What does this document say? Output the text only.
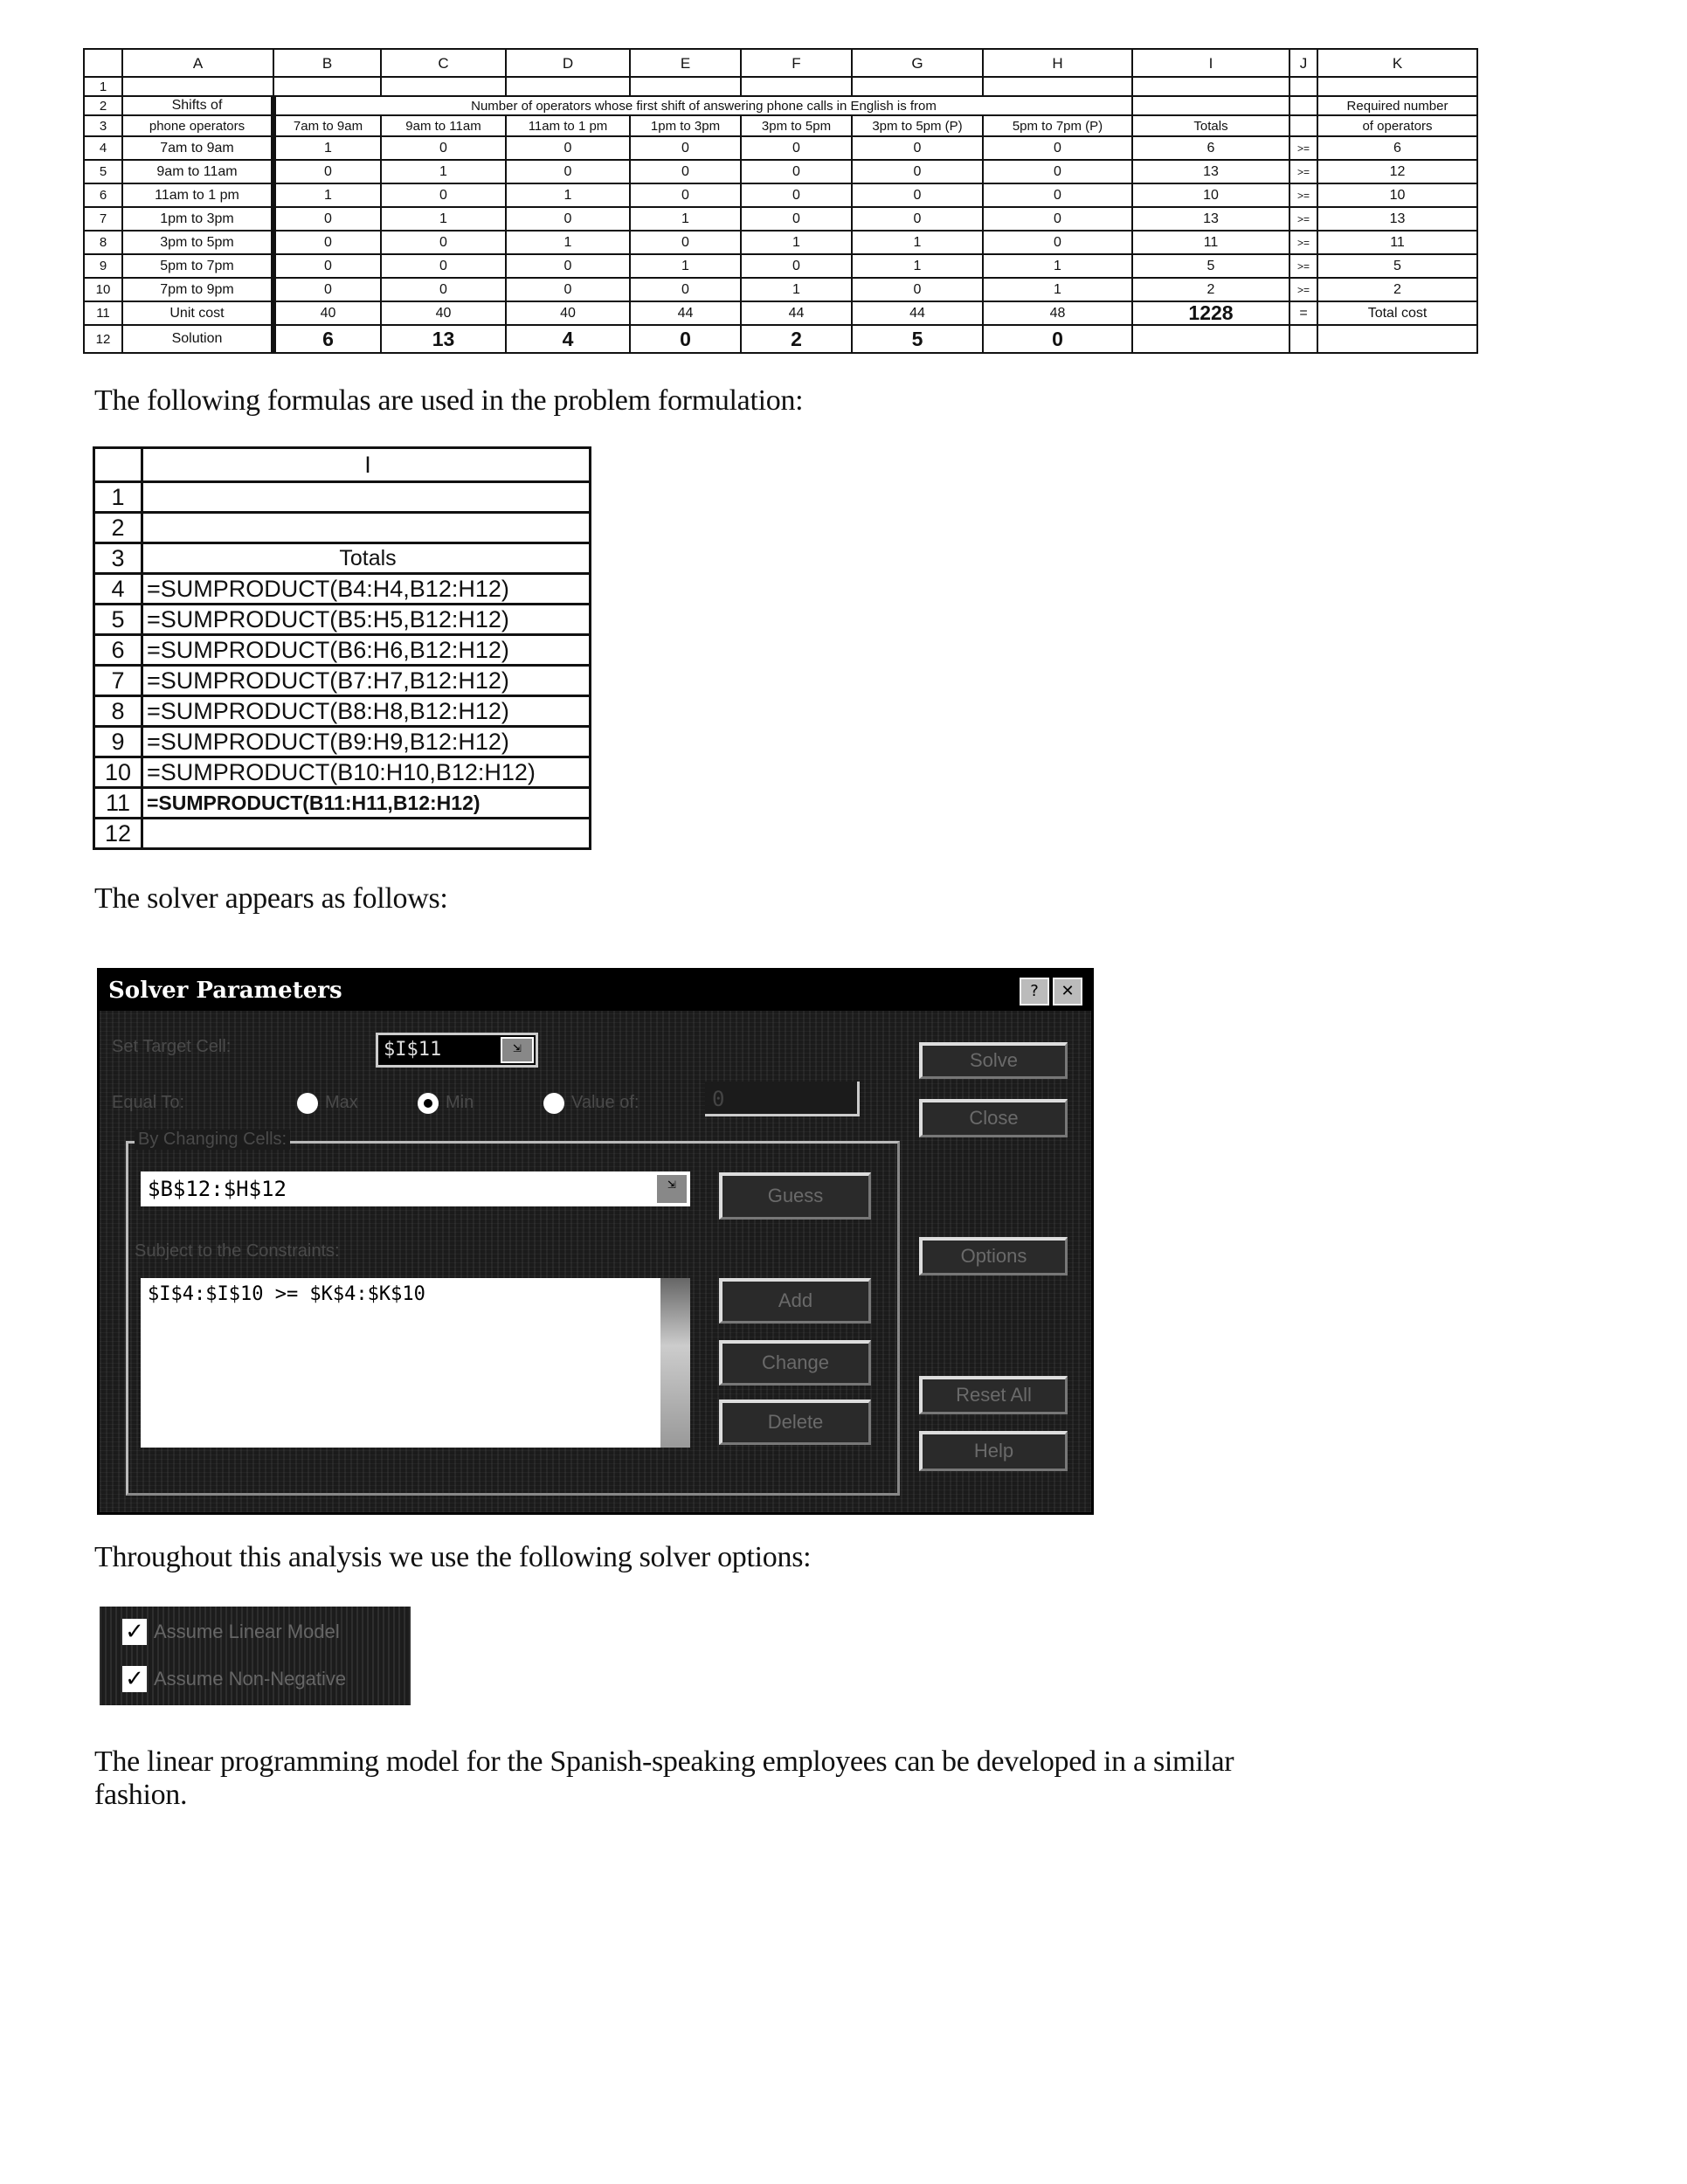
	A	B	C	D	E	F	G	H	I	J	K
1											
2	Shifts of	Number of operators whose first shift of answering phone calls in English is from									Required number
3	phone operators	7am to 9am	9am to 11am	11am to 1 pm	1pm to 3pm	3pm to 5pm	3pm to 5pm (P)	5pm to 7pm (P)	Totals		of operators
4	7am to 9am	1	0	0	0	0	0	0	6	>=	6
5	9am to 11am	0	1	0	0	0	0	0	13	>=	12
6	11am to 1 pm	1	0	1	0	0	0	0	10	>=	10
7	1pm to 3pm	0	1	0	1	0	0	0	13	>=	13
8	3pm to 5pm	0	0	1	0	1	1	0	11	>=	11
9	5pm to 7pm	0	0	0	1	0	1	1	5	>=	5
10	7pm to 9pm	0	0	0	0	1	0	1	2	>=	2
11	Unit cost	40	40	40	44	44	44	48	1228	=	Total cost
12	Solution	6	13	4	0	2	5	0			
The following formulas are used in the problem formulation:
	I
1	
2	
3	Totals
4	=SUMPRODUCT(B4:H4,B12:H12)
5	=SUMPRODUCT(B5:H5,B12:H12)
6	=SUMPRODUCT(B6:H6,B12:H12)
7	=SUMPRODUCT(B7:H7,B12:H12)
8	=SUMPRODUCT(B8:H8,B12:H12)
9	=SUMPRODUCT(B9:H9,B12:H12)
10	=SUMPRODUCT(B10:H10,B12:H12)
11	=SUMPRODUCT(B11:H11,B12:H12)
12	
The solver appears as follows:
Solver Parameters	?	✕
Set Target Cell:	$I$11	⇲
Equal To:	Max	Min	Value of:	0
By Changing Cells:
$B$12:$H$12	⇲
Guess
Subject to the Constraints:
$I$4:$I$10 >= $K$4:$K$10	Add
Change
Delete
Solve
Close
Options
Reset All
Help
Throughout this analysis we use the following solver options:
✓ Assume Linear Model
✓ Assume Non-Negative
The linear programming model for the Spanish-speaking employees can be developed in a similar fashion.
